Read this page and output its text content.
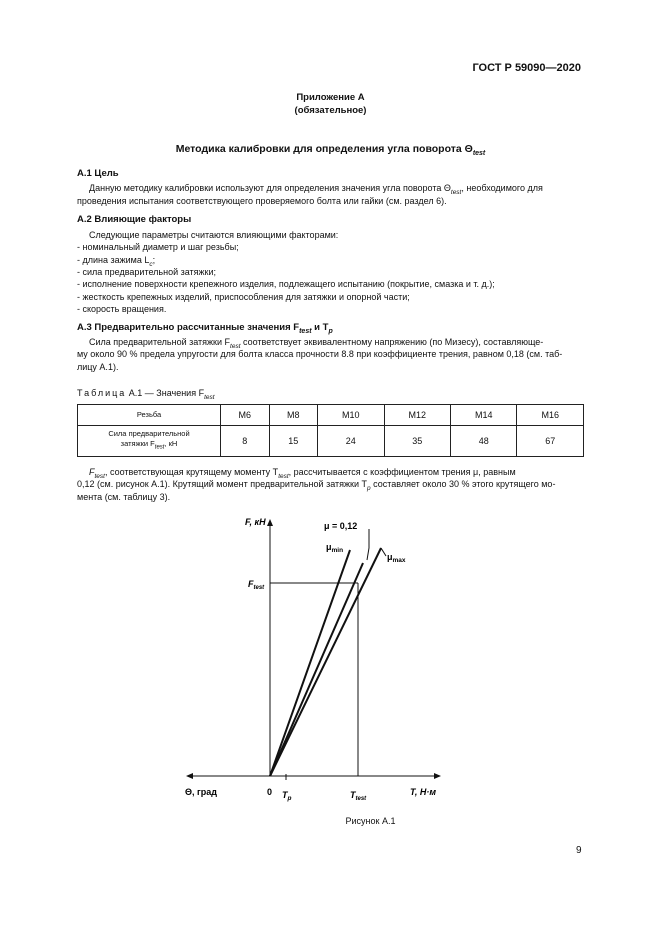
ГОСТ Р 59090—2020
Приложение А
(обязательное)
Методика калибровки для определения угла поворота $\Theta_{test}$
А.1 Цель
Данную методику калибровки используют для определения значения угла поворота $\Theta_{test}$, необходимого для
проведения испытания соответствующего проверяемого болта или гайки (см. раздел 6).
А.2 Влияющие факторы
Следующие параметры считаются влияющими факторами:
- номинальный диаметр и шаг резьбы;
- длина зажима $L_c$;
- сила предварительной затяжки;
- исполнение поверхности крепежного изделия, подлежащего испытанию (покрытие, смазка и т. д.);
- жесткость крепежных изделий, приспособления для затяжки и опорной части;
- скорость вращения.
А.3 Предварительно рассчитанные значения $F_{test}$ и $T_p$
Сила предварительной затяжки $F_{test}$ соответствует эквивалентному напряжению (по Мизесу), составляюще-
му около 90 % предела упругости для болта класса прочности 8.8 при коэффициенте трения, равном 0,18 (см. таб-
лицу А.1).
Таблица А.1 — Значения $F_{test}$
Резьба	М6	М8	М10	М12	М14	М16
Сила предварительной
затяжки $F_{test}$, кН	8	15	24	35	48	67
$F_{test}$, соответствующая крутящему моменту $T_{test}$, рассчитывается с коэффициентом трения μ, равным
0,12 (см. рисунок А.1). Крутящий момент предварительной затяжки $T_p$ составляет около 30 % этого крутящего мо-
мента (см. таблицу 3).
F, кН	μ = 0,12
$\mu_{min}$
$\mu_{max}$
$F_{test}$
Θ, град	0 $T_p$	$T_{test}$
T, Н·м
Рисунок А.1
9
